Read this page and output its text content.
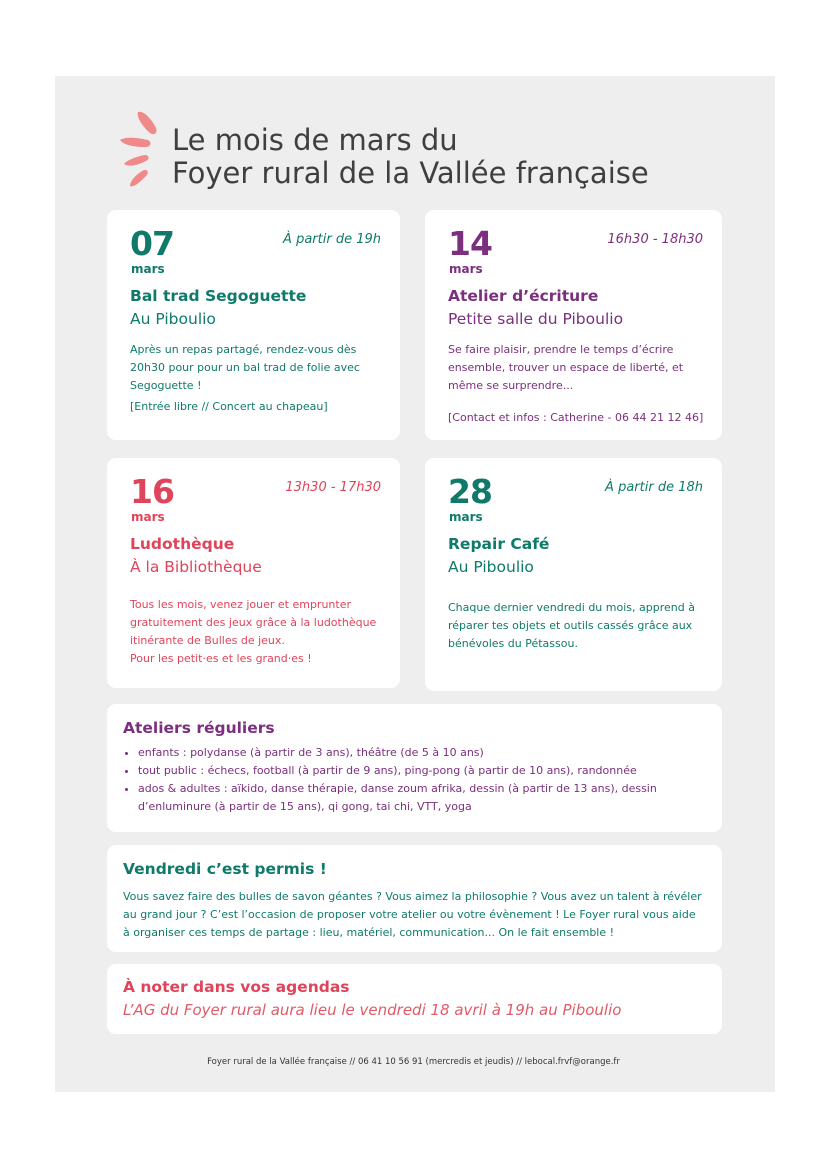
Le mois de mars du
Foyer rural de la Vallée française
07
mars
À partir de 19h
Bal trad Segoguette
Au Piboulio

Après un repas partagé, rendez-vous dès
20h30 pour pour un bal trad de folie avec
Segoguette !

[Entrée libre // Concert au chapeau]
14
mars
16h30 - 18h30
Atelier d’écriture
Petite salle du Piboulio

Se faire plaisir, prendre le temps d’écrire
ensemble, trouver un espace de liberté, et
même se surprendre...

[Contact et infos : Catherine - 06 44 21 12 46]
16
mars
13h30 - 17h30
Ludothèque
À la Bibliothèque

Tous les mois, venez jouer et emprunter
gratuitement des jeux grâce à la ludothèque
itinérante de Bulles de jeux.
Pour les petit·es et les grand·es !

28
mars
À partir de 18h
Repair Café
Au Piboulio

Chaque dernier vendredi du mois, apprend à
réparer tes objets et outils cassés grâce aux
bénévoles du Pétassou.

Ateliers réguliers
• enfants : polydanse (à partir de 3 ans), théâtre (de 5 à 10 ans)
• tout public : échecs, football (à partir de 9 ans), ping-pong (à partir de 10 ans), randonnée
• ados & adultes : aïkido, danse thérapie, danse zoum afrika, dessin (à partir de 13 ans), dessin
d’enluminure (à partir de 15 ans), qi gong, tai chi, VTT, yoga
Vendredi c’est permis !

Vous savez faire des bulles de savon géantes ? Vous aimez la philosophie ? Vous avez un talent à révéler
au grand jour ? C’est l’occasion de proposer votre atelier ou votre évènement ! Le Foyer rural vous aide
à organiser ces temps de partage : lieu, matériel, communication... On le fait ensemble !

À noter dans vos agendas
L’AG du Foyer rural aura lieu le vendredi 18 avril à 19h au Piboulio
Foyer rural de la Vallée française // 06 41 10 56 91 (mercredis et jeudis) // lebocal.frvf@orange.fr
